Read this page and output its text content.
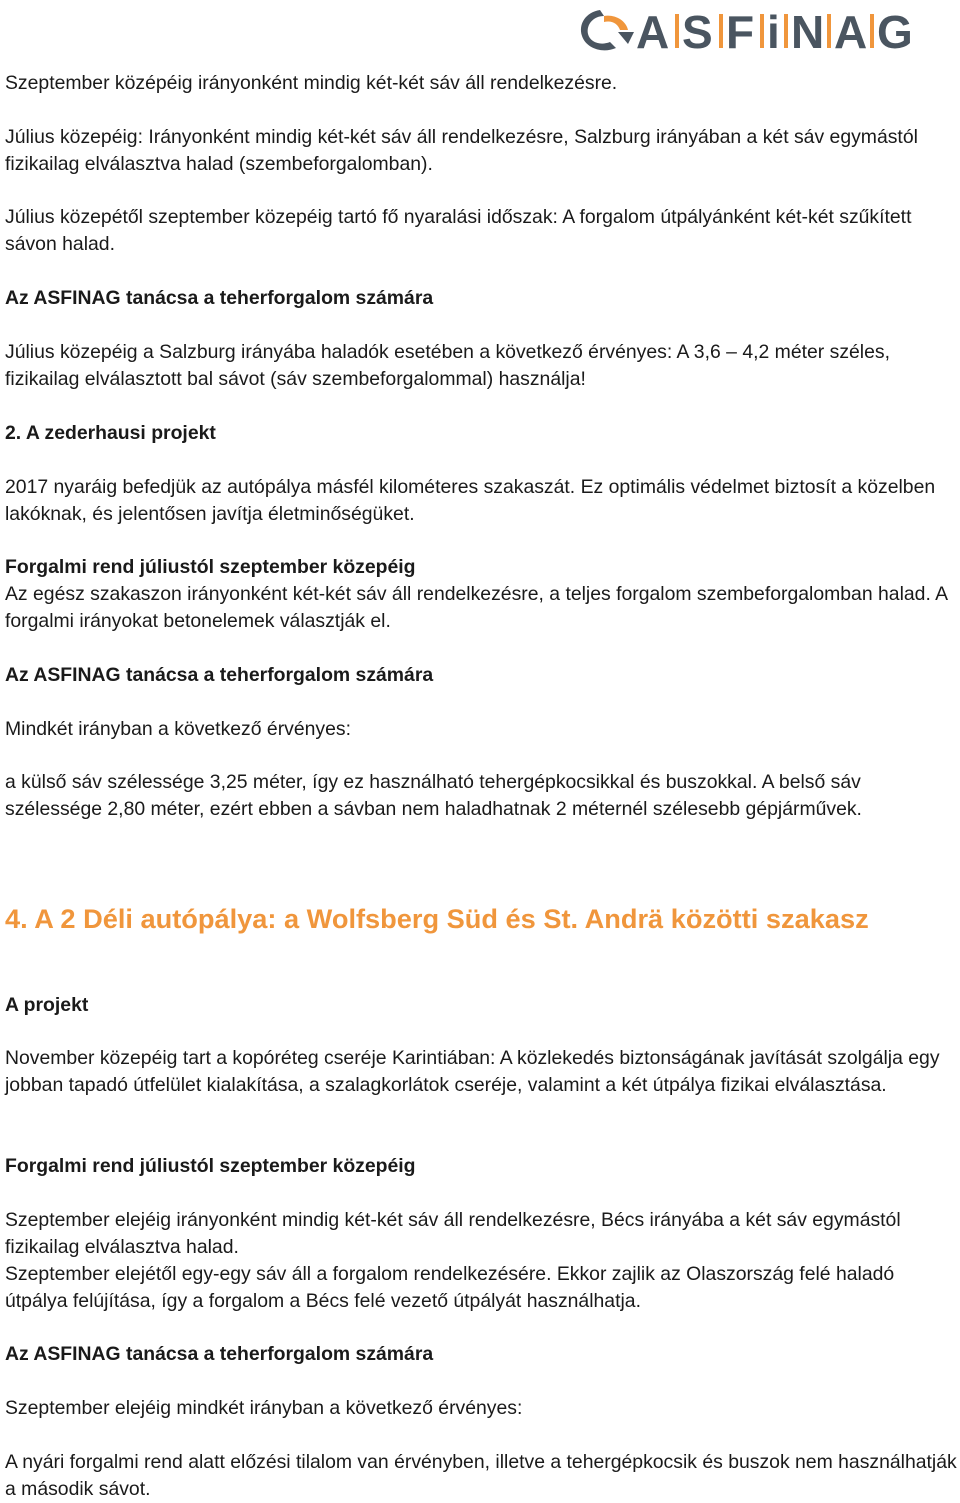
A S F i N A G

Szeptember középéig irányonként mindig két-két sáv áll rendelkezésre.

Július közepéig: Irányonként mindig két-két sáv áll rendelkezésre, Salzburg irányában a két sáv egymástól fizikailag elválasztva halad (szembeforgalomban).

Július közepétől szeptember közepéig tartó fő nyaralási időszak: A forgalom útpályánként két-két szűkített sávon halad.

Az ASFINAG tanácsa a teherforgalom számára

Július közepéig a Salzburg irányába haladók esetében a következő érvényes: A 3,6 – 4,2 méter széles, fizikailag elválasztott bal sávot (sáv szembeforgalommal) használja!

2. A zederhausi projekt

2017 nyaráig befedjük az autópálya másfél kilométeres szakaszát. Ez optimális védelmet biztosít a közelben lakóknak, és jelentősen javítja életminőségüket.

Forgalmi rend júliustól szeptember közepéig

Az egész szakaszon irányonként két-két sáv áll rendelkezésre, a teljes forgalom szembeforgalomban halad. A forgalmi irányokat betonelemek választják el.

Az ASFINAG tanácsa a teherforgalom számára

Mindkét irányban a következő érvényes:

a külső sáv szélessége 3,25 méter, így ez használható tehergépkocsikkal és buszokkal. A belső sáv szélessége 2,80 méter, ezért ebben a sávban nem haladhatnak 2 méternél szélesebb gépjárművek.

4. A 2 Déli autópálya: a Wolfsberg Süd és St. Andrä közötti szakasz

A projekt

November közepéig tart a kopóréteg cseréje Karintiában: A közlekedés biztonságának javítását szolgálja egy jobban tapadó útfelület kialakítása, a szalagkorlátok cseréje, valamint a két útpálya fizikai elválasztása.

Forgalmi rend júliustól szeptember közepéig

Szeptember elejéig irányonként mindig két-két sáv áll rendelkezésre, Bécs irányába a két sáv egymástól fizikailag elválasztva halad.

Szeptember elejétől egy-egy sáv áll a forgalom rendelkezésére. Ekkor zajlik az Olaszország felé haladó útpálya felújítása, így a forgalom a Bécs felé vezető útpályát használhatja.

Az ASFINAG tanácsa a teherforgalom számára

Szeptember elejéig mindkét irányban a következő érvényes:

A nyári forgalmi rend alatt előzési tilalom van érvényben, illetve a tehergépkocsik és buszok nem használhatják a második sávot.
